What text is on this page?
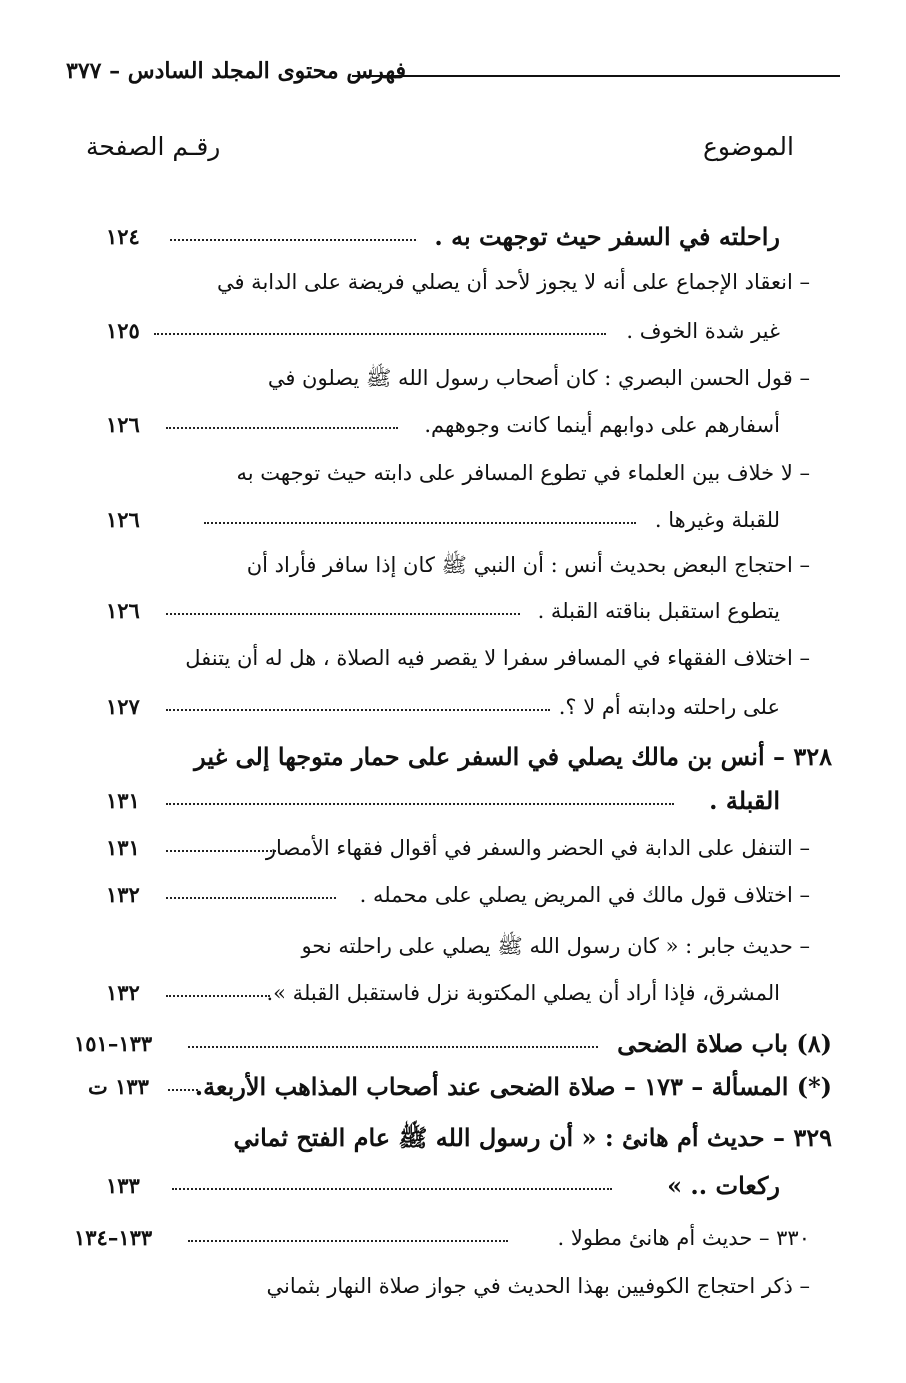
فهرس محتوى المجلد السادس – ٣٧٧
الموضوع
رقـم الصفحة
راحلته في السفر حيث توجهت به .
١٢٤
– انعقاد الإجماع على أنه لا يجوز لأحد أن يصلي فريضة على الدابة في
غير شدة الخوف .
١٢٥
– قول الحسن البصري : كان أصحاب رسول الله ﷺ يصلون في
أسفارهم على دوابهم أينما كانت وجوههم.
١٢٦
– لا خلاف بين العلماء في تطوع المسافر على دابته حيث توجهت به
للقبلة وغيرها .
١٢٦
– احتجاج البعض بحديث أنس : أن النبي ﷺ كان إذا سافر فأراد أن
يتطوع استقبل بناقته القبلة .
١٢٦
– اختلاف الفقهاء في المسافر سفرا لا يقصر فيه الصلاة ، هل له أن يتنفل
على راحلته ودابته أم لا ؟.
١٢٧
٣٢٨ – أنس بن مالك يصلي في السفر على حمار متوجها إلى غير
القبلة .
١٣١
– التنفل على الدابة في الحضر والسفر في أقوال فقهاء الأمصار
١٣١
– اختلاف قول مالك في المريض يصلي على محمله .
١٣٢
– حديث جابر : « كان رسول الله ﷺ يصلي على راحلته نحو
المشرق، فإذا أراد أن يصلي المكتوبة نزل فاستقبل القبلة ».
١٣٢
(٨) باب صلاة الضحى
١٣٣–١٥١
(*) المسألة – ١٧٣ – صلاة الضحى عند أصحاب المذاهب الأربعة.
١٣٣ ت
٣٢٩ – حديث أم هانئ : « أن رسول الله ﷺ عام الفتح ثماني
ركعات .. »
١٣٣
٣٣٠ – حديث أم هانئ مطولا .
١٣٣–١٣٤
– ذكر احتجاج الكوفيين بهذا الحديث في جواز صلاة النهار بثماني
